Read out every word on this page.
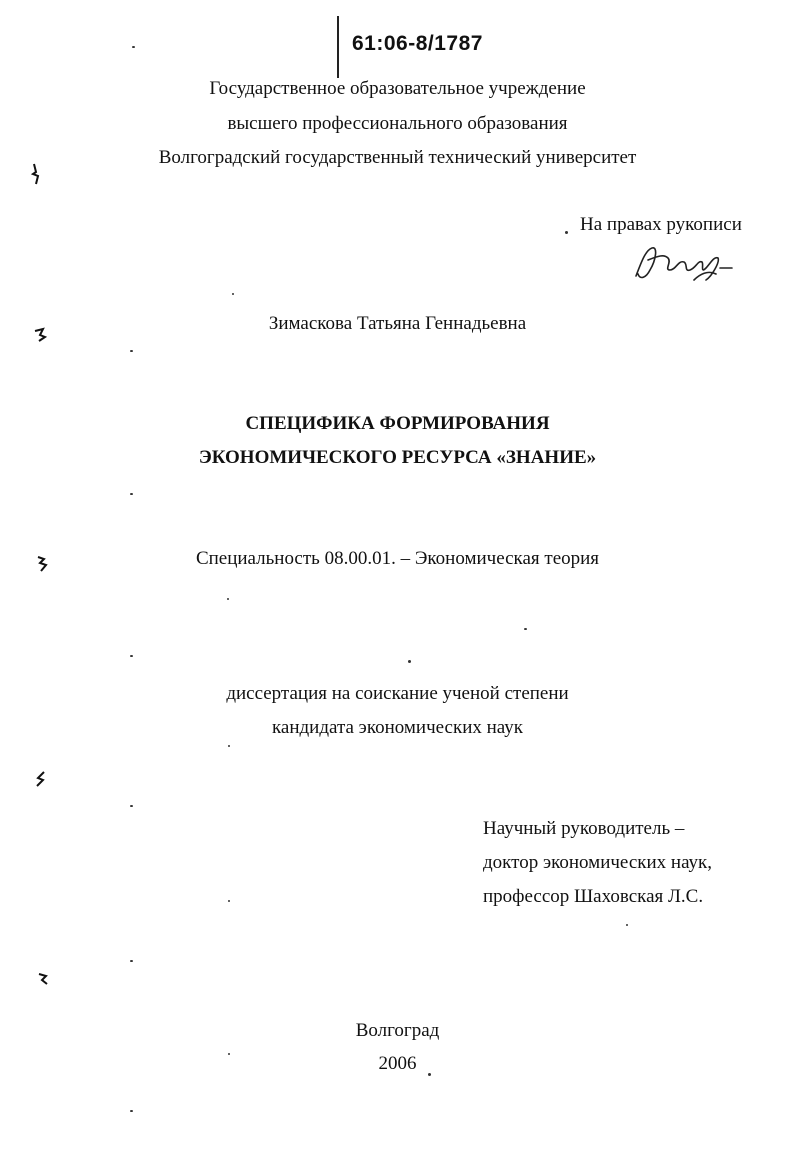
61:06-8/1787
Государственное образовательное учреждение
высшего профессионального образования
Волгоградский государственный технический университет
На правах рукописи
Зимаскова Татьяна Геннадьевна
СПЕЦИФИКА ФОРМИРОВАНИЯ
ЭКОНОМИЧЕСКОГО РЕСУРСА «ЗНАНИЕ»
Специальность 08.00.01. – Экономическая теория
диссертация на соискание ученой степени
кандидата экономических наук
Научный руководитель –
доктор экономических наук,
профессор Шаховская Л.С.
Волгоград
2006
